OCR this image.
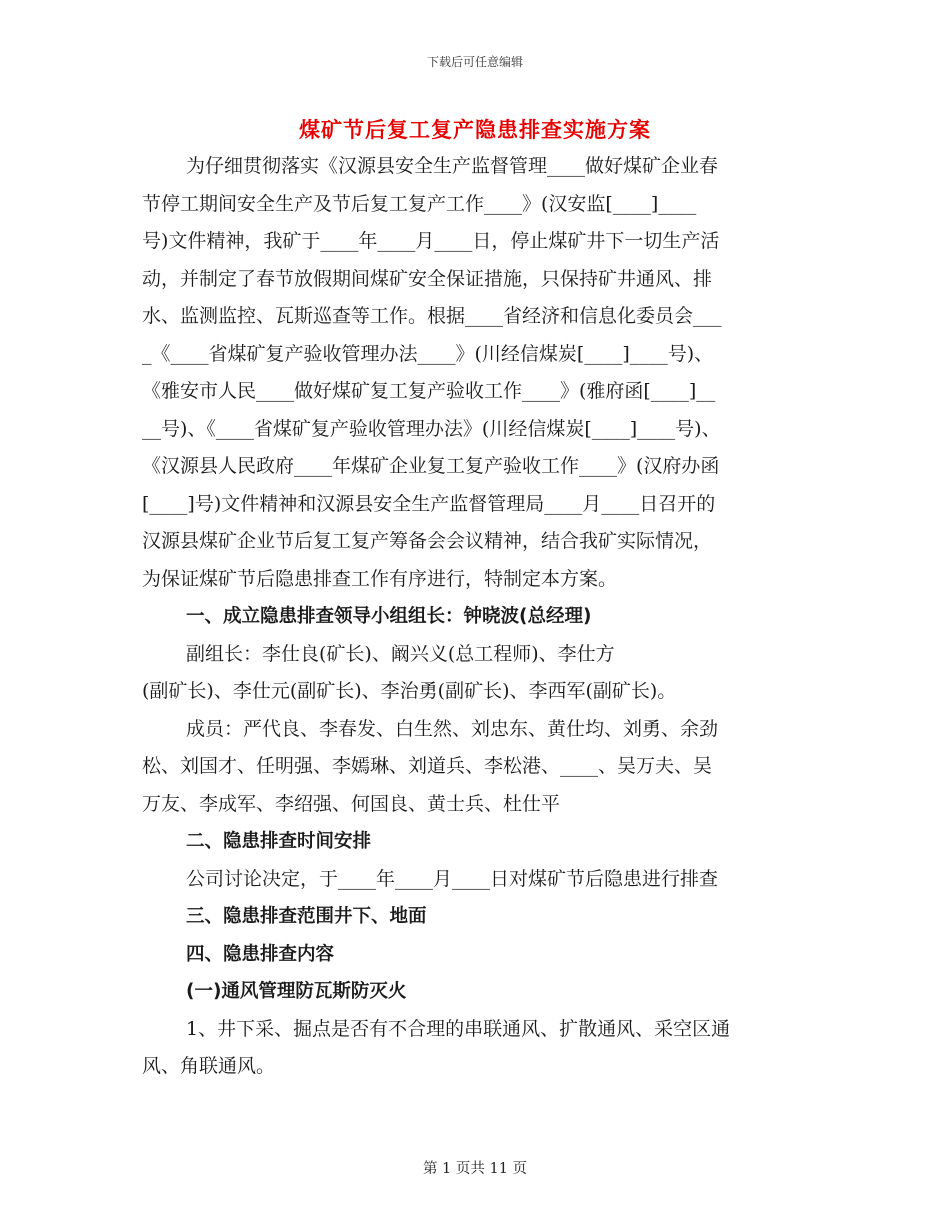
下载后可任意编辑
煤矿节后复工复产隐患排查实施方案
为仔细贯彻落实《汉源县安全生产监督管理____做好煤矿企业春
节停工期间安全生产及节后复工复产工作____》(汉安监[____]____
号)文件精神，我矿于____年____月____日，停止煤矿井下一切生产活
动，并制定了春节放假期间煤矿安全保证措施，只保持矿井通风、排
水、监测监控、瓦斯巡查等工作。根据____省经济和信息化委员会___
_《____省煤矿复产验收管理办法____》(川经信煤炭[____]____号)、
《雅安市人民____做好煤矿复工复产验收工作____》(雅府函[____]__
__号)、《____省煤矿复产验收管理办法》(川经信煤炭[____]____号)、
《汉源县人民政府____年煤矿企业复工复产验收工作____》(汉府办函
[____]号)文件精神和汉源县安全生产监督管理局____月____日召开的
汉源县煤矿企业节后复工复产筹备会会议精神，结合我矿实际情况，
为保证煤矿节后隐患排查工作有序进行，特制定本方案。
一、成立隐患排查领导小组组长：钟晓波(总经理)
副组长：李仕良(矿长)、阚兴义(总工程师)、李仕方
(副矿长)、李仕元(副矿长)、李治勇(副矿长)、李西军(副矿长)。
成员：严代良、李春发、白生然、刘忠东、黄仕均、刘勇、余劲
松、刘国才、任明强、李嫣琳、刘道兵、李松港、____、吴万夫、吴
万友、李成军、李绍强、何国良、黄士兵、杜仕平
二、隐患排查时间安排
公司讨论决定，于____年____月____日对煤矿节后隐患进行排查
三、隐患排查范围井下、地面
四、隐患排查内容
(一)通风管理防瓦斯防灭火
1、井下采、掘点是否有不合理的串联通风、扩散通风、采空区通
风、角联通风。
第 1 页共 11 页
